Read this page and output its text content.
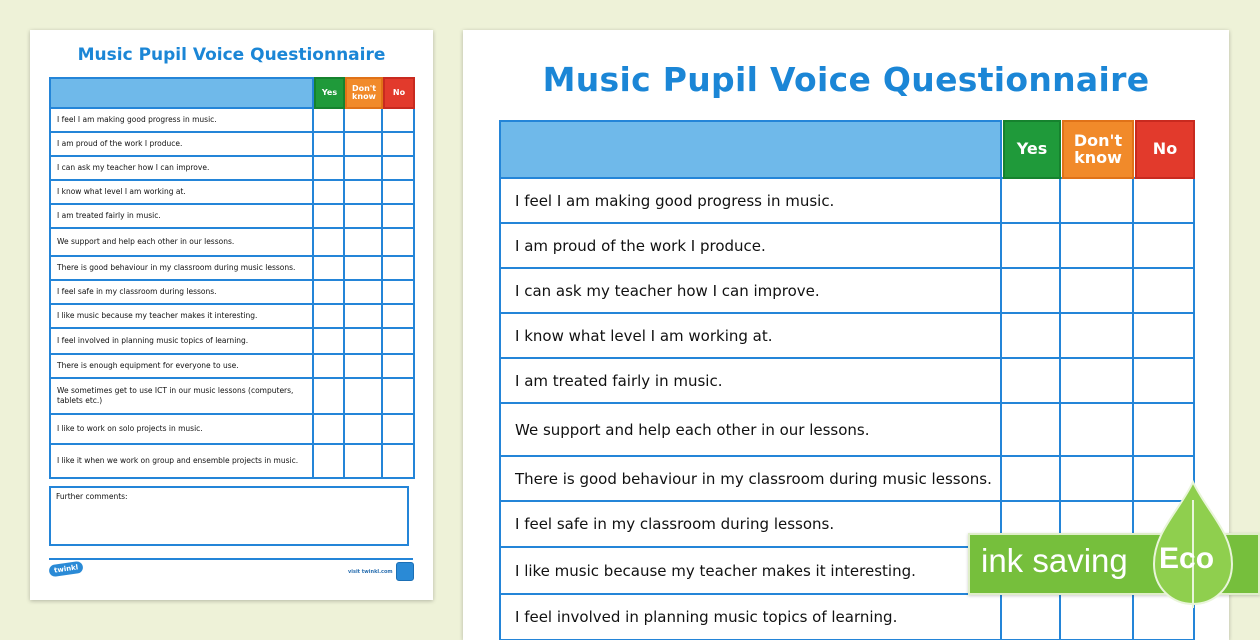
Music Pupil Voice Questionnaire
		Yes		Don't know		No
I feel I am making good progress in music.						
I am proud of the work I produce.						
I can ask my teacher how I can improve.						
I know what level I am working at.						
I am treated fairly in music.						
We support and help each other in our lessons.						
There is good behaviour in my classroom during music lessons.						
I feel safe in my classroom during lessons.						
I like music because my teacher makes it interesting.						
I feel involved in planning music topics of learning.						
There is enough equipment for everyone to use.						
We sometimes get to use ICT in our music lessons (computers, tablets etc.)						
I like to work on solo projects in music.						
I like it when we work on group and ensemble projects in music.						
Further comments:
twinkl	visit twinkl.com
Music Pupil Voice Questionnaire
		Yes		Don't know		No
I feel I am making good progress in music.						
I am proud of the work I produce.						
I can ask my teacher how I can improve.						
I know what level I am working at.						
I am treated fairly in music.						
We support and help each other in our lessons.						
There is good behaviour in my classroom during music lessons.						
I feel safe in my classroom during lessons.						
I like music because my teacher makes it interesting.						
I feel involved in planning music topics of learning.						
ink saving Eco
